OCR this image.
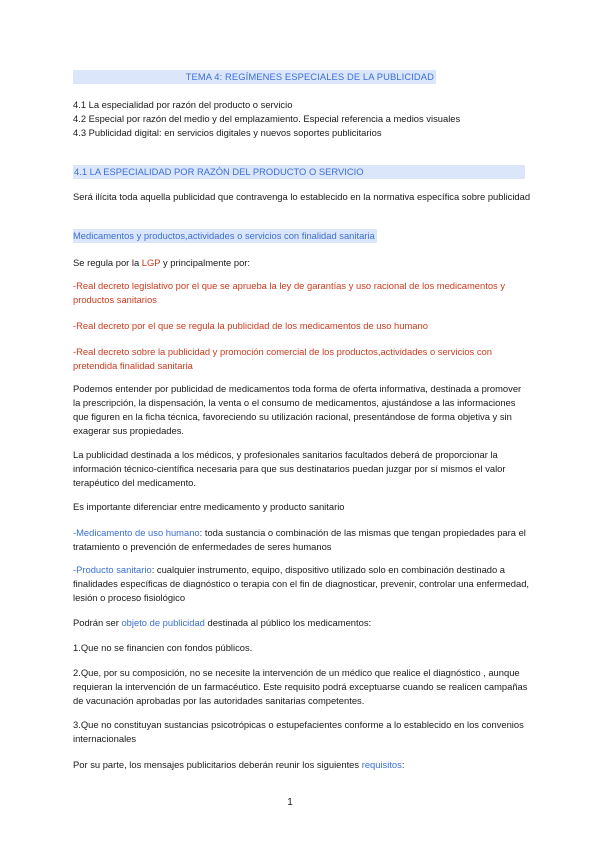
TEMA 4: REGÍMENES ESPECIALES DE LA PUBLICIDAD

4.1 La especialidad por razón del producto o servicio

4.2 Especial por razón del medio y del emplazamiento. Especial referencia a medios visuales

4.3 Publicidad digital: en servicios digitales y nuevos soportes publicitarios

4.1 LA ESPECIALIDAD POR RAZÓN DEL PRODUCTO O SERVICIO
Será ilícita toda aquella publicidad que contravenga lo establecido en la normativa específica sobre publicidad
Medicamentos y productos,actividades o servicios con finalidad sanitaria
Se regula por la LGP y principalmente por:
-Real decreto legislativo por el que se aprueba la ley de garantías y uso racional de los medicamentos y productos sanitarios
-Real decreto por el que se regula la publicidad de los medicamentos de uso humano
-Real decreto sobre la publicidad y promoción comercial de los productos,actividades o servicios con pretendida finalidad sanitaria
Podemos entender por publicidad de medicamentos toda forma de oferta informativa, destinada a promover la prescripción, la dispensación, la venta o el consumo de medicamentos, ajustándose a las informaciones que figuren en la ficha técnica, favoreciendo su utilización racional, presentándose de forma objetiva y sin exagerar sus propiedades.
La publicidad destinada a los médicos, y profesionales sanitarios facultados deberá de proporcionar la información técnico-científica necesaria para que sus destinatarios puedan juzgar por sí mismos el valor terapéutico del medicamento.
Es importante diferenciar entre medicamento y producto sanitario
-Medicamento de uso humano: toda sustancia o combinación de las mismas que tengan propiedades para el tratamiento o prevención de enfermedades de seres humanos
-Producto sanitario: cualquier instrumento, equipo, dispositivo utilizado solo en combinación destinado a finalidades específicas de diagnóstico o terapia con el fin de diagnosticar, prevenir, controlar una enfermedad, lesión o proceso fisiológico
Podrán ser objeto de publicidad destinada al público los medicamentos:
1.Que no se financien con fondos públicos.
2.Que, por su composición, no se necesite la intervención de un médico que realice el diagnóstico , aunque requieran la intervención de un farmacéutico. Este requisito podrá exceptuarse cuando se realicen campañas de vacunación aprobadas por las autoridades sanitarias competentes.
3.Que no constituyan sustancias psicotrópicas o estupefacientes conforme a lo establecido en los convenios internacionales
Por su parte, los mensajes publicitarios deberán reunir los siguientes requisitos:
1
